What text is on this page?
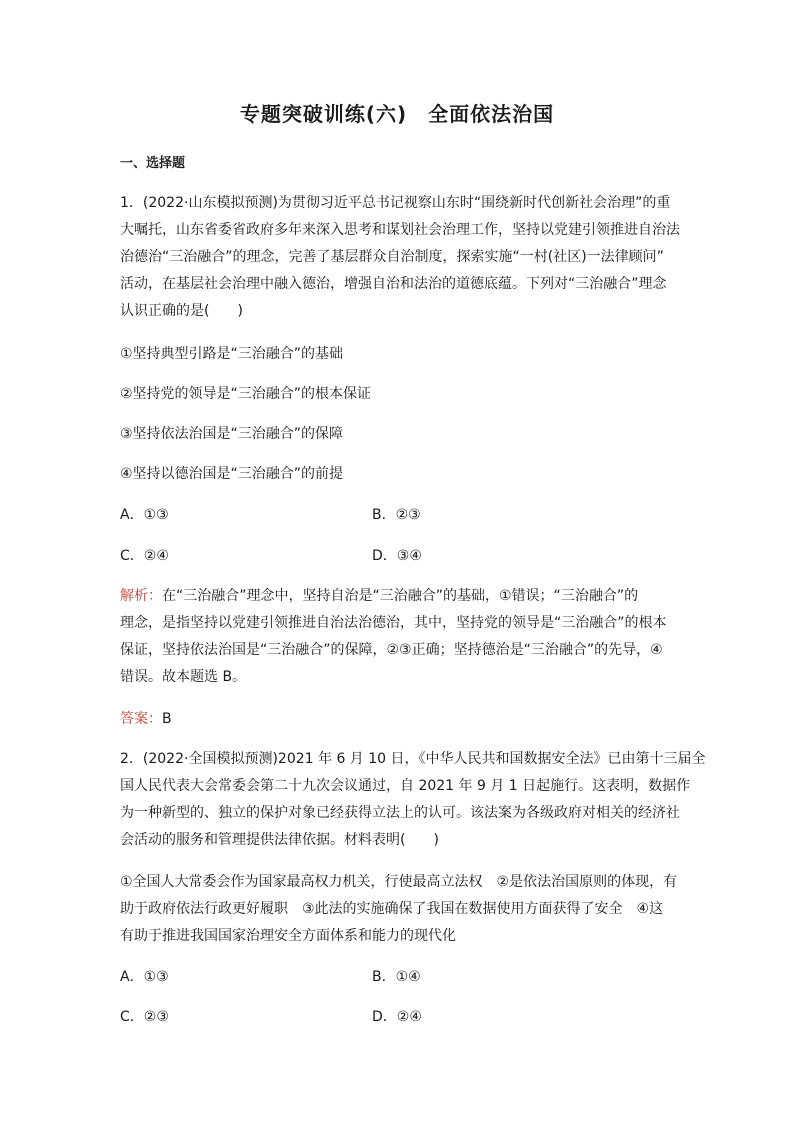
专题突破训练(六)　全面依法治国
一、选择题
1．(2022·山东模拟预测)为贯彻习近平总书记视察山东时“围绕新时代创新社会治理”的重
大嘱托，山东省委省政府多年来深入思考和谋划社会治理工作，坚持以党建引领推进自治法
治德治“三治融合”的理念，完善了基层群众自治制度，探索实施“一村(社区)一法律顾问”
活动，在基层社会治理中融入德治，增强自治和法治的道德底蕴。下列对“三治融合”理念
认识正确的是(　　)
①坚持典型引路是“三治融合”的基础
②坚持党的领导是“三治融合”的根本保证
③坚持依法治国是“三治融合”的保障
④坚持以德治国是“三治融合”的前提
A．①③	B．②③
C．②④	D．③④
解析：在“三治融合”理念中，坚持自治是“三治融合”的基础，①错误；“三治融合”的
理念，是指坚持以党建引领推进自治法治德治，其中，坚持党的领导是“三治融合”的根本
保证，坚持依法治国是“三治融合”的保障，②③正确；坚持德治是“三治融合”的先导，④
错误。故本题选 B。
答案：B
2．(2022·全国模拟预测)2021 年 6 月 10 日，《中华人民共和国数据安全法》已由第十三届全
国人民代表大会常委会第二十九次会议通过，自 2021 年 9 月 1 日起施行。这表明，数据作
为一种新型的、独立的保护对象已经获得立法上的认可。该法案为各级政府对相关的经济社
会活动的服务和管理提供法律依据。材料表明(　　)
①全国人大常委会作为国家最高权力机关，行使最高立法权　②是依法治国原则的体现，有
助于政府依法行政更好履职　③此法的实施确保了我国在数据使用方面获得了安全　④这
有助于推进我国国家治理安全方面体系和能力的现代化
A．①③	B．①④
C．②③	D．②④
